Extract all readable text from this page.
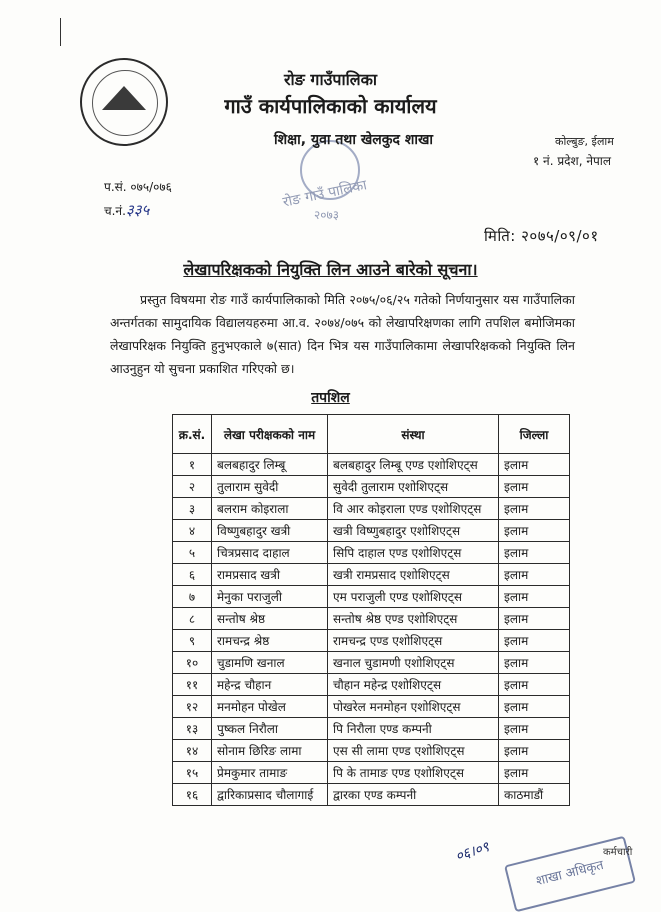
रोङ गाउँ पालिका
२०७३
रोङ गाउँपालिका
गाउँ कार्यपालिकाको कार्यालय
शिक्षा, युवा तथा खेलकुद शाखा	कोल्बुङ, ईलाम
१ नं. प्रदेश, नेपाल
प.सं. ०७५/०७६
च.नं.३३५
मिति: २०७५/०९/०१
लेखापरिक्षकको नियुक्ति लिन आउने बारेको सूचना।
प्रस्तुत विषयमा रोङ गाउँ कार्यपालिकाको मिति २०७५/०६/२५ गतेको निर्णयानुसार यस गाउँपालिका अन्तर्गतका सामुदायिक विद्यालयहरुमा आ.व. २०७४/०७५ को लेखापरिक्षणका लागि तपशिल बमोजिमका लेखापरिक्षक नियुक्ति हुनुभएकाले ७(सात) दिन भित्र यस गाउँपालिकामा लेखापरिक्षकको नियुक्ति लिन आउनुहुन यो सुचना प्रकाशित गरिएको छ।
तपशिल
क्र.सं.	लेखा परीक्षकको नाम	संस्था	जिल्ला
१	बलबहादुर लिम्बू	बलबहादुर लिम्बू एण्ड एशोशिएट्स	इलाम
२	तुलाराम सुवेदी	सुवेदी तुलाराम एशोशिएट्स	इलाम
३	बलराम कोइराला	वि आर कोइराला एण्ड एशोशिएट्स	इलाम
४	विष्णुबहादुर खत्री	खत्री विष्णुबहादुर एशोशिएट्स	इलाम
५	चित्रप्रसाद दाहाल	सिपि दाहाल एण्ड एशोशिएट्स	इलाम
६	रामप्रसाद खत्री	खत्री रामप्रसाद एशोशिएट्स	इलाम
७	मेनुका पराजुली	एम पराजुली एण्ड एशोशिएट्स	इलाम
८	सन्तोष श्रेष्ठ	सन्तोष श्रेष्ठ एण्ड एशोशिएट्स	इलाम
९	रामचन्द्र श्रेष्ठ	रामचन्द्र एण्ड एशोशिएट्स	इलाम
१०	चुडामणि खनाल	खनाल चुडामणी एशोशिएट्स	इलाम
११	महेन्द्र चौहान	चौहान महेन्द्र एशोशिएट्स	इलाम
१२	मनमोहन पोखेल	पोखरेल मनमोहन एशोशिएट्स	इलाम
१३	पुष्कल निरौला	पि निरौला एण्ड कम्पनी	इलाम
१४	सोनाम छिरिङ लामा	एस सी लामा एण्ड एशोशिएट्स	इलाम
१५	प्रेमकुमार तामाङ	पि के तामाङ एण्ड एशोशिएट्स	इलाम
१६	द्वारिकाप्रसाद चौलागाई	द्वारका एण्ड कम्पनी	काठमाडौं
०६।०९
शाखा अधिकृत
कर्मचारी
